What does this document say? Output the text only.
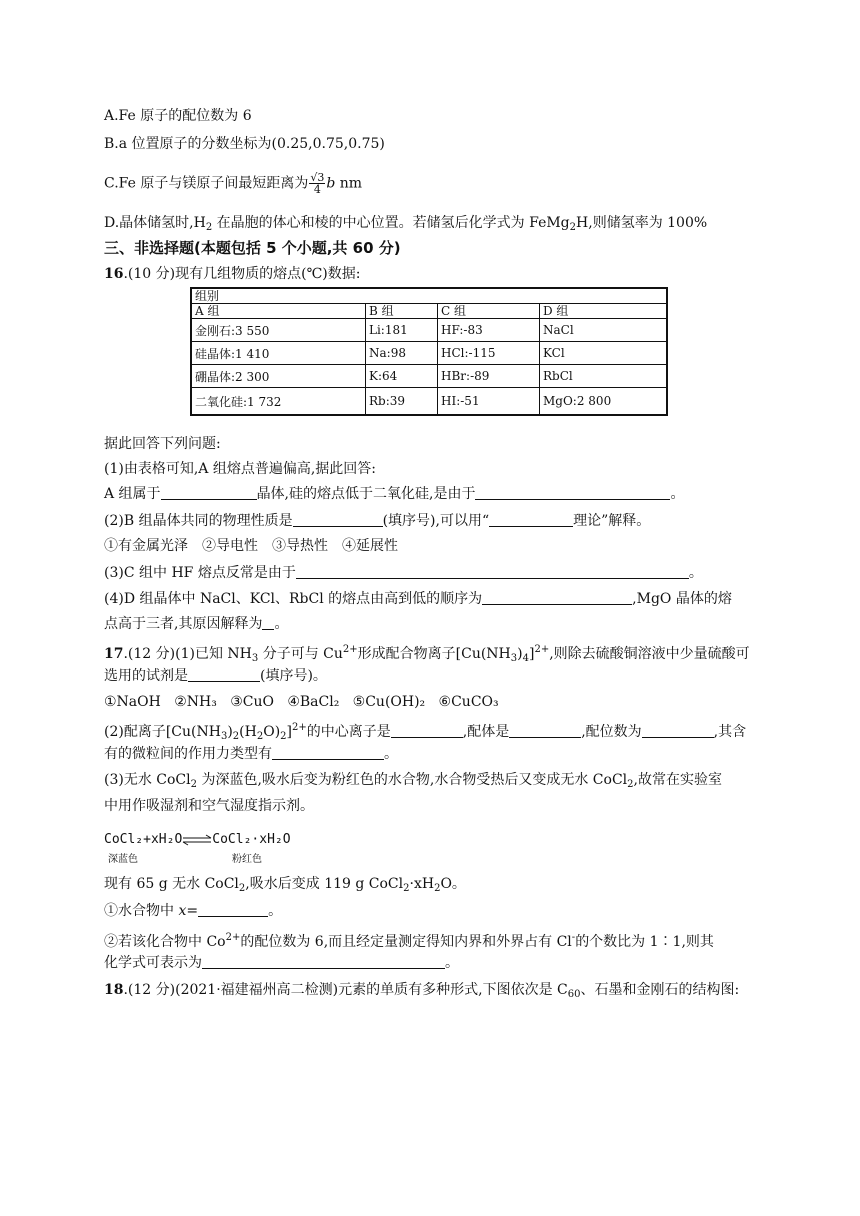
A.Fe 原子的配位数为 6
B.a 位置原子的分数坐标为(0.25,0.75,0.75)
C.Fe 原子与镁原子间最短距离为 $\frac{√3}{4}$ b nm
D.晶体储氢时$,H_2$ 在晶胞的体心和棱的中心位置。若储氢后化学式为 FeMg$_2$H,则储氢率为 100%
三、非选择题(本题包括 5 个小题,共 60 分)
16.(10 分)现有几组物质的熔点(℃)数据:
组别			
A 组	B 组	C 组	D 组
金刚石:3 550	Li:181	HF:-83	NaCl
硅晶体:1 410	Na:98	HCl:-115	KCl
硼晶体:2 300	K:64	HBr:-89	RbCl
二氧化硅:1 732	Rb:39	HI:-51	MgO:2 800
据此回答下列问题:
(1)由表格可知,A 组熔点普遍偏高,据此回答:
A 组属于	晶体,硅的熔点低于二氧化硅,是由于	。
(2)B 组晶体共同的物理性质是	(填序号),可以用“	理论”解释。
①有金属光泽　②导电性　③导热性　④延展性
(3)C 组中 HF 熔点反常是由于	。
(4)D 组晶体中 NaCl、KCl、RbCl 的熔点由高到低的顺序为	,MgO 晶体的熔
点高于三者,其原因解释为 。
17.(12 分)(1)已知 $NH_3$ 分子可与 $Cu^{2+}$形成配合物离子$[Cu(NH_3)_4]^{2+}$,则除去硫酸铜溶液中少量硫酸可
选用的试剂是	(填序号)。
①NaOH ②NH₃ ③CuO ④BaCl₂ ⑤Cu(OH)₂ ⑥CuCO₃
(2)配离子$[Cu(NH_3)_2(H_2O)_2]^{2+}$的中心离子是	,配体是	,配位数为	,其含
有的微粒间的作用力类型有	。
(3)无水 CoCl$_2$ 为深蓝色,吸水后变为粉红色的水合物,水合物受热后又变成无水 CoCl$_2$,故常在实验室
中用作吸湿剂和空气湿度指示剂。
CoCl₂+xH₂O⇌CoCl₂·xH₂O
深蓝色	粉红色
现有 65 g 无水 CoCl$_2$,吸水后变成 119 g $CoCl_2\cdot xH_2O$。
①水合物中 x=	。
②若该化合物中 $Co^{2+}$的配位数为 6,而且经定量测定得知内界和外界占有 Cl-的个数比为 1∶1,则其
化学式可表示为	。
18.(12 分)(2021·福建福州高二检测)元素的单质有多种形式,下图依次是 $C_{60}$、石墨和金刚石的结构图:
